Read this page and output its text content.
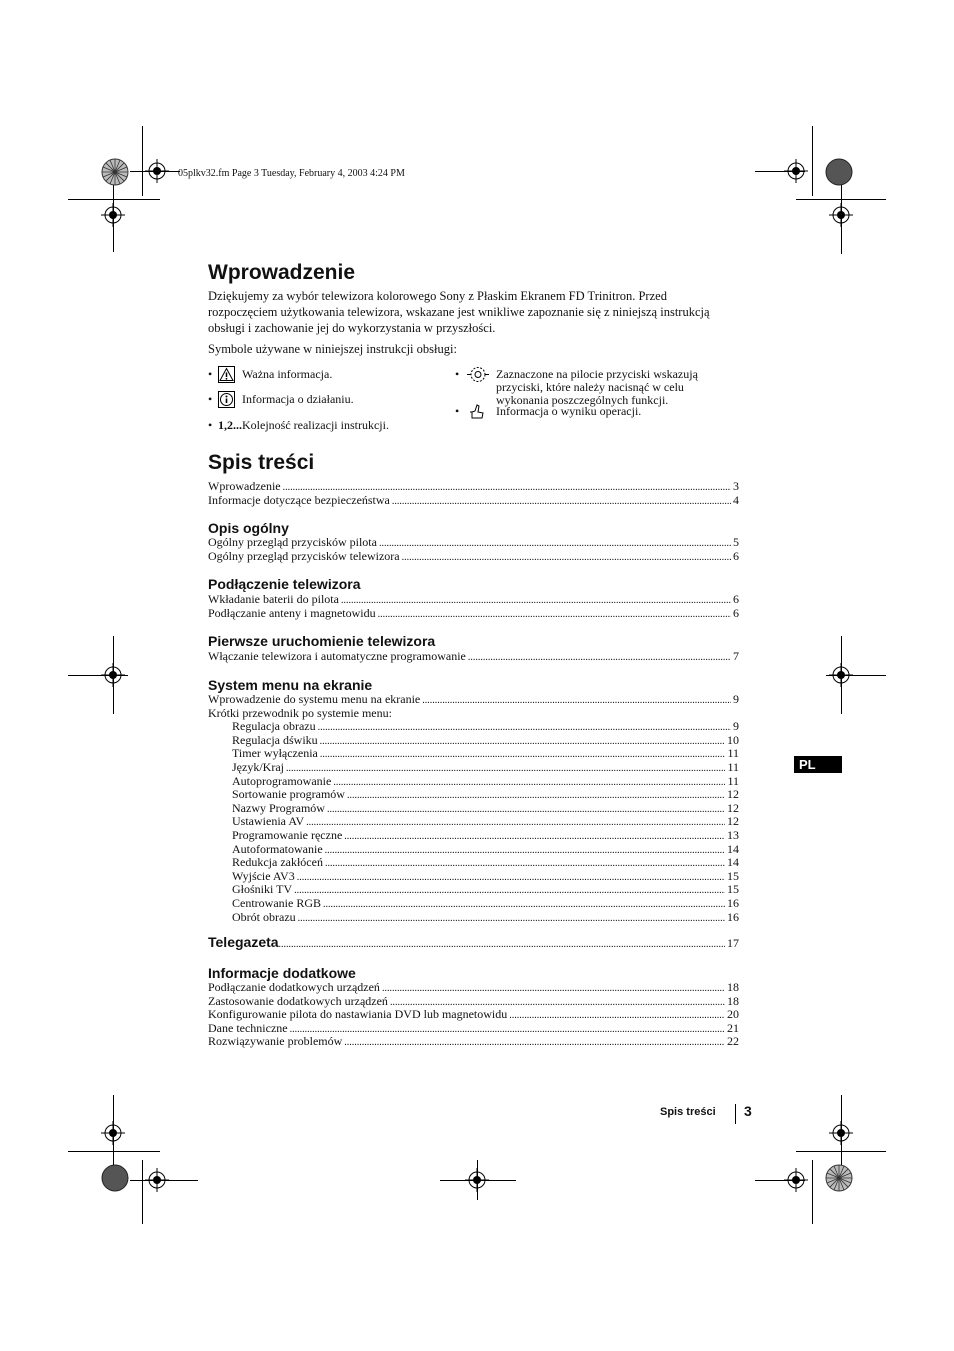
05plkv32.fm Page 3 Tuesday, February 4, 2003 4:24 PM
Wprowadzenie

Dziękujemy za wybór telewizora kolorowego Sony z Płaskim Ekranem FD Trinitron. Przed rozpoczęciem użytkowania telewizora, wskazane jest wnikliwe zapoznanie się z niniejszą instrukcją obsługi i zachowanie jej do wykorzystania w przyszłości.

Symbole używane w niniejszej instrukcji obsługi:

• Ważna informacja.
• Informacja o działaniu.
• 1,2...Kolejność realizacji instrukcji.
•	Zaznaczone na pilocie przyciski wskazują przyciski, które należy nacisnąć w celu wykonania poszczególnych funkcji.
•	Informacja o wyniku operacji.
Spis treści
Wprowadzenie .....	3
Informacje dotyczące bezpieczeństwa .....	4
Opis ogólny
Ogólny przegląd przycisków pilota .....	5
Ogólny przegląd przycisków telewizora .....	6
Podłączenie telewizora
Wkładanie baterii do pilota .....	6
Podłączanie anteny i magnetowidu .....	6
Pierwsze uruchomienie telewizora
Włączanie telewizora i automatyczne programowanie .....	7
System menu na ekranie
Wprowadzenie do systemu menu na ekranie .....	9
Krótki przewodnik po systemie menu:
Regulacja obrazu .....	9
Regulacja dświku .....	10
Timer wyłączenia .....	11
Język/Kraj .....	11
Autoprogramowanie .....	11
Sortowanie programów .....	12
Nazwy Programów .....	12
Ustawienia AV .....	12
Programowanie ręczne .....	13
Autoformatowanie .....	14
Redukcja zakłóceń .....	14
Wyjście AV3 .....	15
Głośniki TV .....	15
Centrowanie RGB .....	16
Obrót obrazu .....	16
Telegazeta .....	17
Informacje dodatkowe
Podłączanie dodatkowych urządzeń .....	18
Zastosowanie dodatkowych urządzeń .....	18
Konfigurowanie pilota do nastawiania DVD lub magnetowidu .....	20
Dane techniczne .....	21
Rozwiązywanie problemów .....	22
PL
Spis treści 3
